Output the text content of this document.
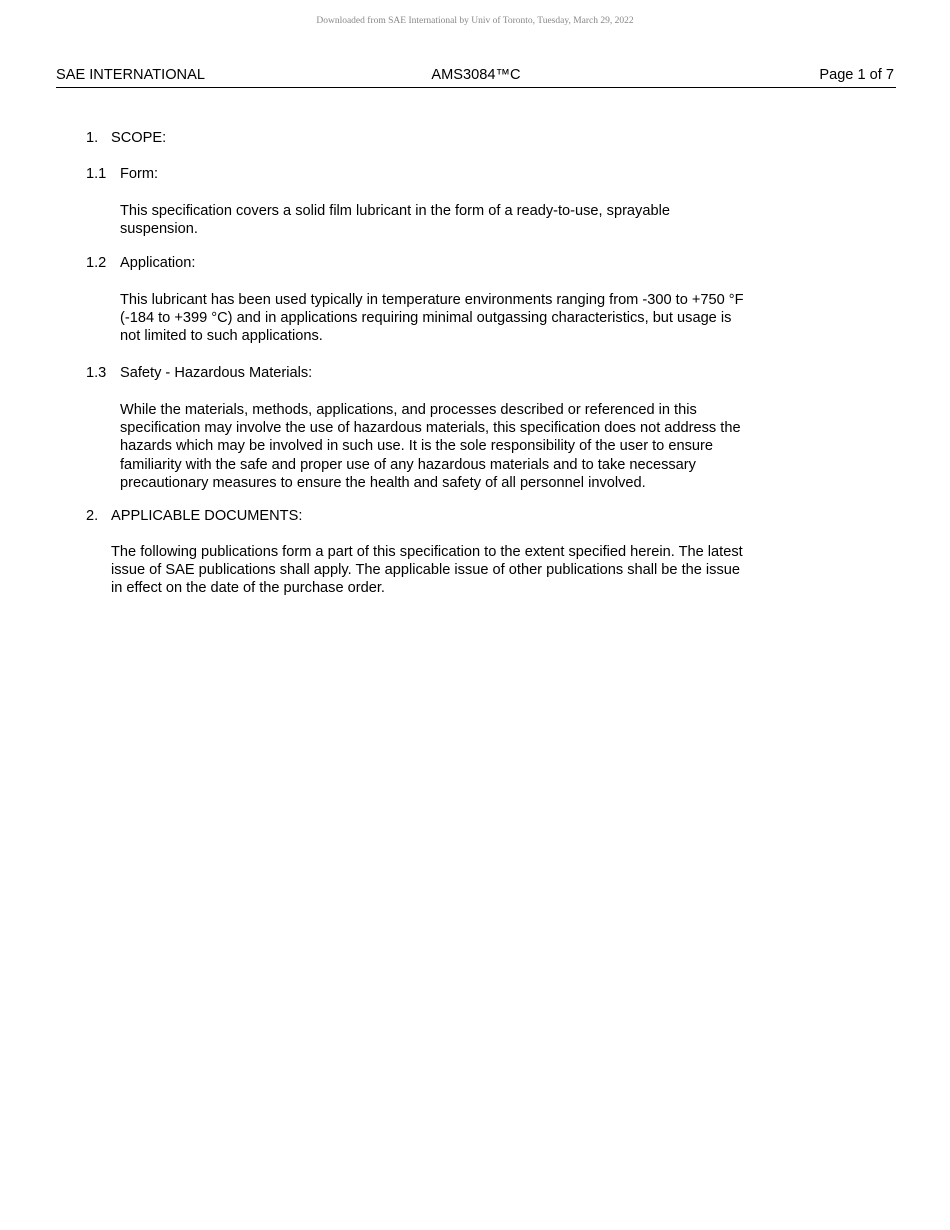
Downloaded from SAE International by Univ of Toronto, Tuesday, March 29, 2022
SAE INTERNATIONAL	AMS3084™C	Page 1 of 7
1. SCOPE:
1.1 Form:
This specification covers a solid film lubricant in the form of a ready-to-use, sprayable
suspension.
1.2 Application:
This lubricant has been used typically in temperature environments ranging from -300 to +750 °F
(-184 to +399 °C) and in applications requiring minimal outgassing characteristics, but usage is
not limited to such applications.
1.3 Safety - Hazardous Materials:
While the materials, methods, applications, and processes described or referenced in this
specification may involve the use of hazardous materials, this specification does not address the
hazards which may be involved in such use. It is the sole responsibility of the user to ensure
familiarity with the safe and proper use of any hazardous materials and to take necessary
precautionary measures to ensure the health and safety of all personnel involved.
2. APPLICABLE DOCUMENTS:
The following publications form a part of this specification to the extent specified herein. The latest
issue of SAE publications shall apply. The applicable issue of other publications shall be the issue
in effect on the date of the purchase order.
